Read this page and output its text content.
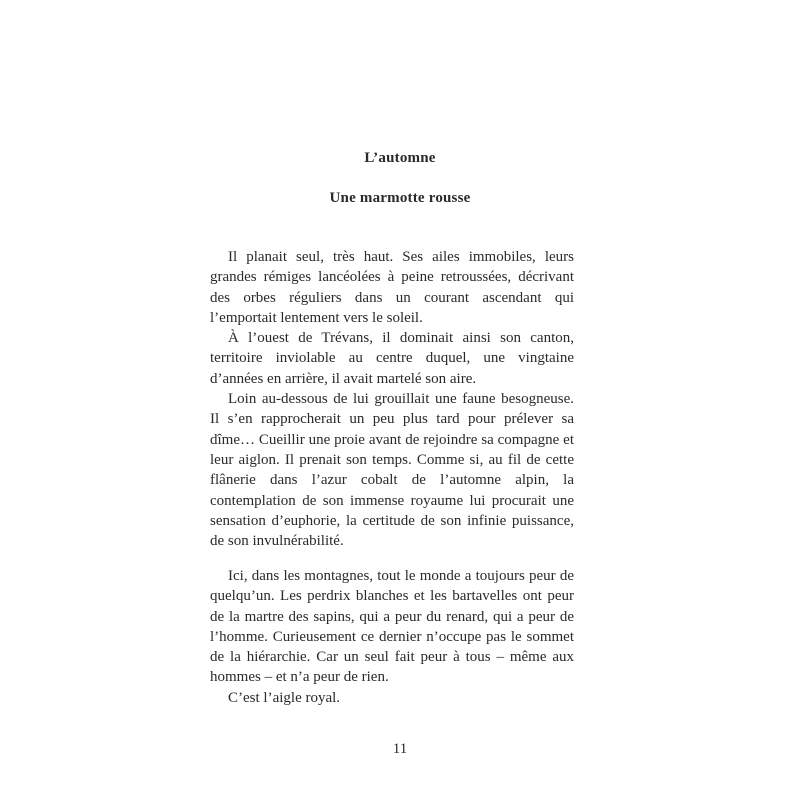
L’automne
Une marmotte rousse

Il planait seul, très haut. Ses ailes immobiles, leurs grandes rémiges lancéolées à peine retroussées, décrivant des orbes réguliers dans un courant ascendant qui l’emportait lentement vers le soleil.

À l’ouest de Trévans, il dominait ainsi son canton, territoire inviolable au centre duquel, une vingtaine d’années en arrière, il avait martelé son aire.

Loin au-dessous de lui grouillait une faune besogneuse. Il s’en rapprocherait un peu plus tard pour prélever sa dîme… Cueillir une proie avant de rejoindre sa compagne et leur aiglon. Il prenait son temps. Comme si, au fil de cette flânerie dans l’azur cobalt de l’automne alpin, la contemplation de son immense royaume lui procurait une sensation d’euphorie, la certitude de son infinie puissance, de son invulnérabilité.

Ici, dans les montagnes, tout le monde a toujours peur de quelqu’un. Les perdrix blanches et les bartavelles ont peur de la martre des sapins, qui a peur du renard, qui a peur de l’homme. Curieusement ce dernier n’occupe pas le sommet de la hiérarchie. Car un seul fait peur à tous – même aux hommes – et n’a peur de rien.

C’est l’aigle royal.

11
